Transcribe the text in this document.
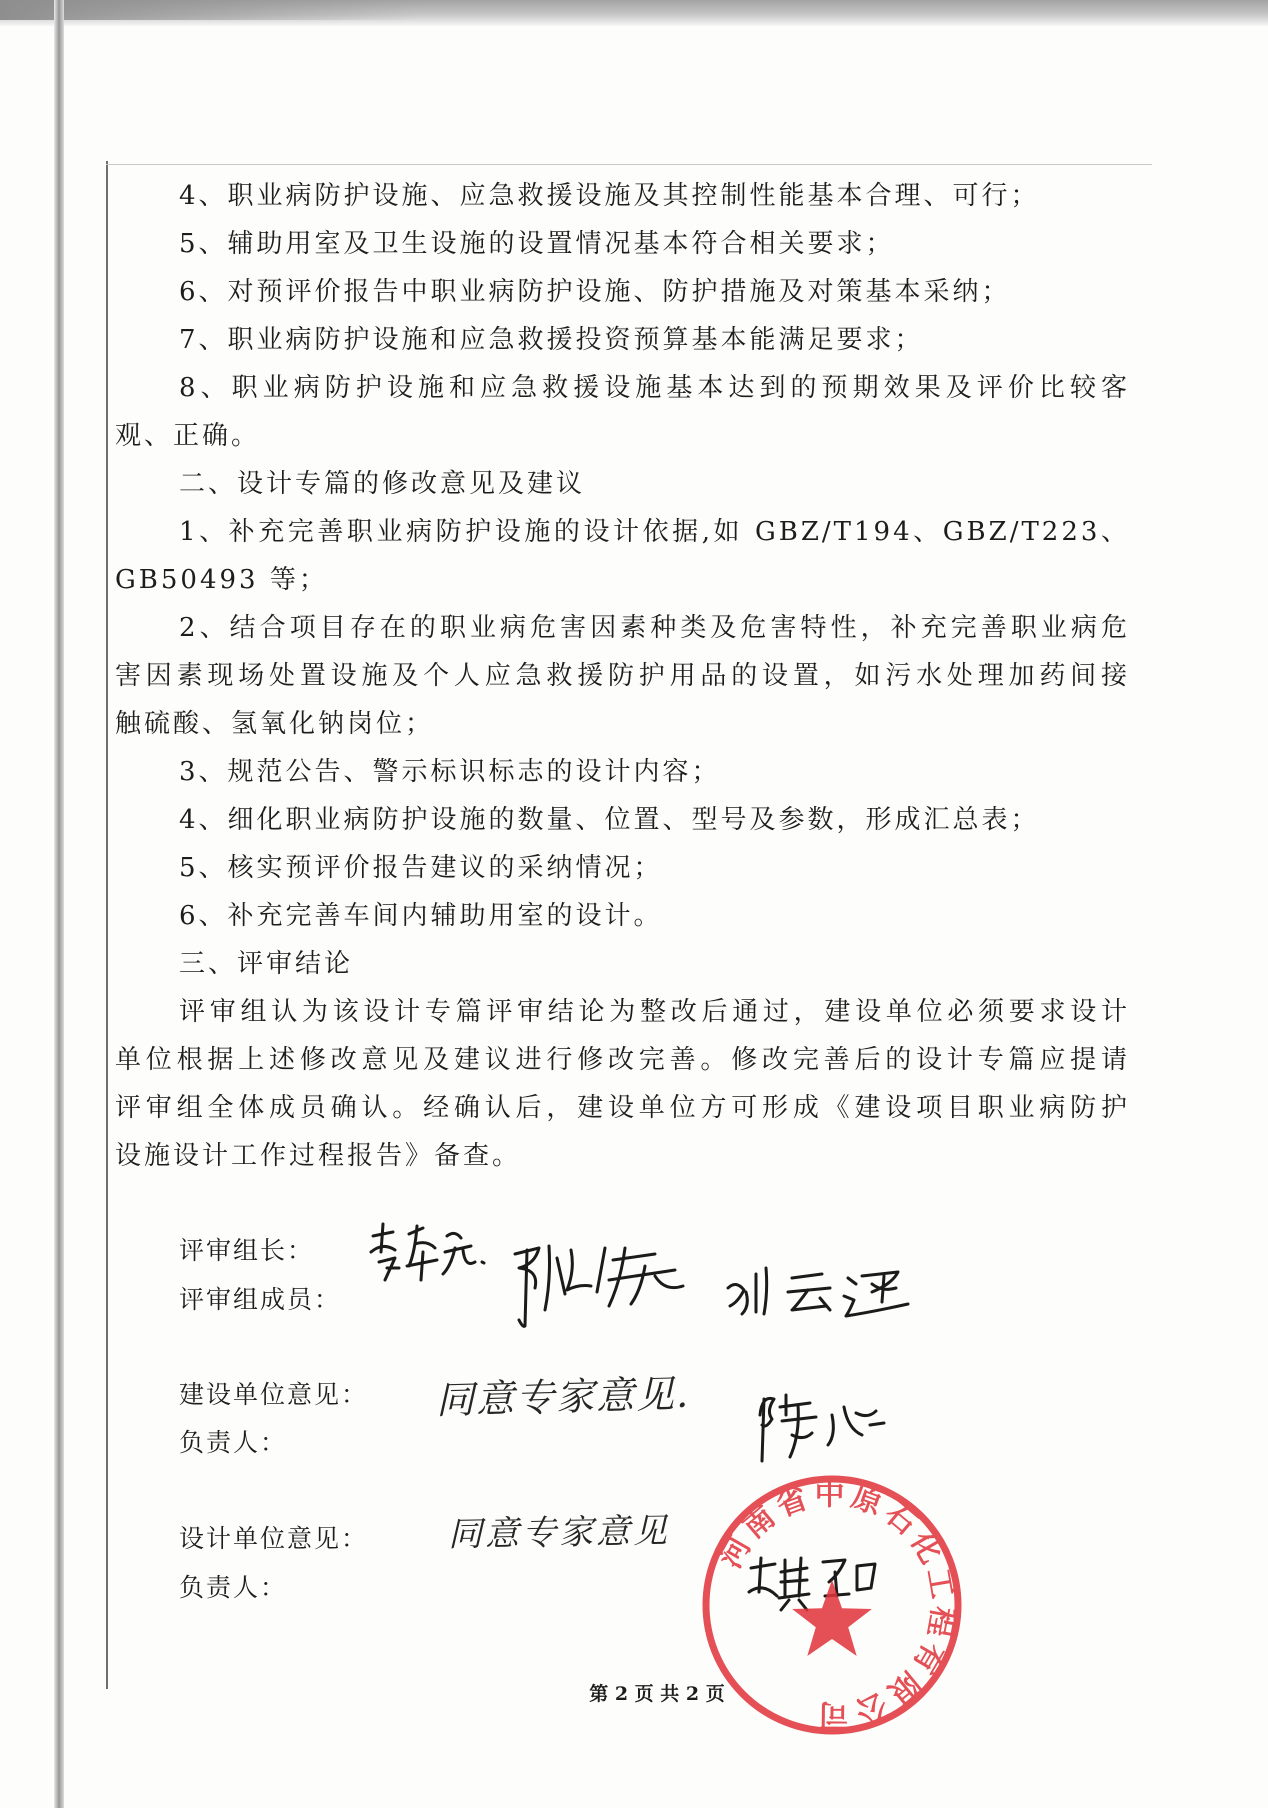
4、职业病防护设施、应急救援设施及其控制性能基本合理、可行；
5、辅助用室及卫生设施的设置情况基本符合相关要求；
6、对预评价报告中职业病防护设施、防护措施及对策基本采纳；
7、职业病防护设施和应急救援投资预算基本能满足要求；
8、职业病防护设施和应急救援设施基本达到的预期效果及评价比较客
观、正确。
二、设计专篇的修改意见及建议
1、补充完善职业病防护设施的设计依据,如 GBZ/T194、GBZ/T223、
GB50493 等；
2、结合项目存在的职业病危害因素种类及危害特性，补充完善职业病危
害因素现场处置设施及个人应急救援防护用品的设置，如污水处理加药间接
触硫酸、氢氧化钠岗位；
3、规范公告、警示标识标志的设计内容；
4、细化职业病防护设施的数量、位置、型号及参数，形成汇总表；
5、核实预评价报告建议的采纳情况；
6、补充完善车间内辅助用室的设计。
三、评审结论
评审组认为该设计专篇评审结论为整改后通过，建设单位必须要求设计
单位根据上述修改意见及建议进行修改完善。修改完善后的设计专篇应提请
评审组全体成员确认。经确认后，建设单位方可形成《建设项目职业病防护
设施设计工作过程报告》备查。
评审组长：
评审组成员：
建设单位意见：
负责人：
设计单位意见：
负责人：
同意专家意见.
同意专家意见 河南省中原石化工程有限公司
第 2 页 共 2 页
